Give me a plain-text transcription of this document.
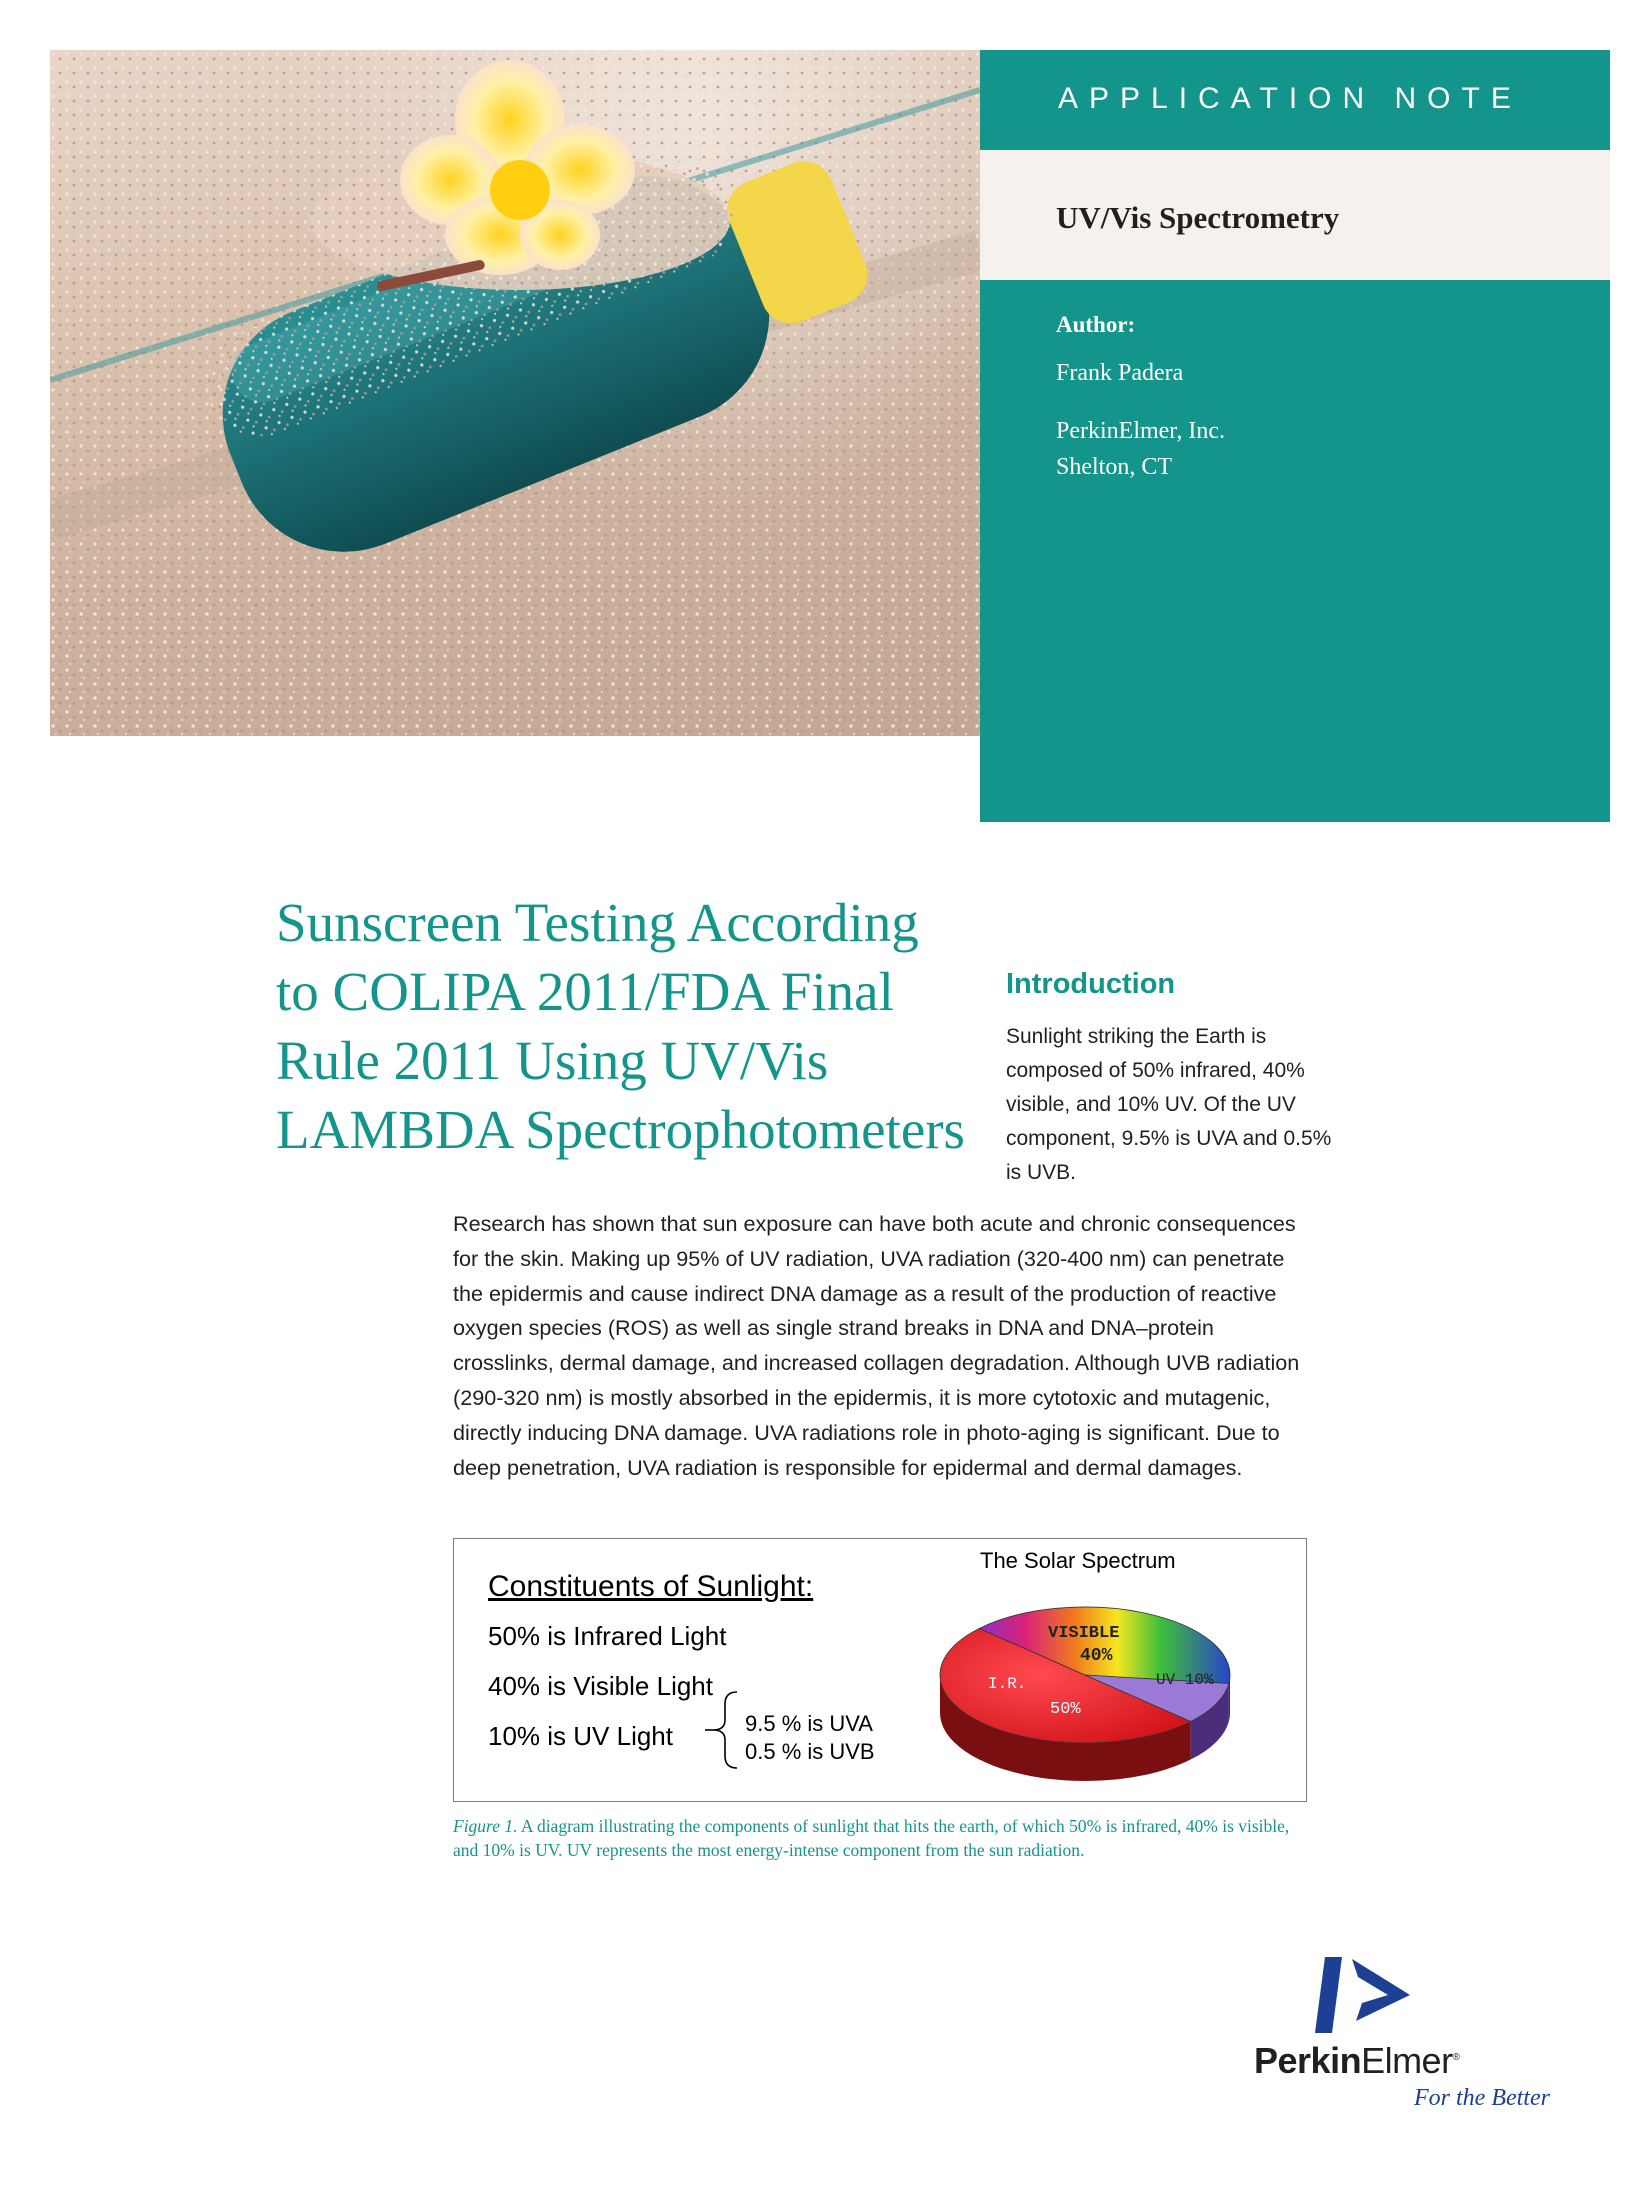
APPLICATION NOTE
UV/Vis Spectrometry
Author:
Frank Padera
PerkinElmer, Inc.
Shelton, CT
Sunscreen Testing According
to COLIPA 2011/FDA Final
Rule 2011 Using UV/Vis
LAMBDA Spectrophotometers
Introduction

Sunlight striking the Earth is composed of 50% infrared, 40% visible, and 10% UV. Of the UV component, 9.5% is UVA and 0.5% is UVB.

Research has shown that sun exposure can have both acute and chronic consequences for the skin. Making up 95% of UV radiation, UVA radiation (320-400 nm) can penetrate the epidermis and cause indirect DNA damage as a result of the production of reactive oxygen species (ROS) as well as single strand breaks in DNA and DNA–protein crosslinks, dermal damage, and increased collagen degradation. Although UVB radiation (290-320 nm) is mostly absorbed in the epidermis, it is more cytotoxic and mutagenic, directly inducing DNA damage. UVA radiations role in photo-aging is significant. Due to deep penetration, UVA radiation is responsible for epidermal and dermal damages.

Constituents of Sunlight:
50% is Infrared Light
40% is Visible Light
10% is UV Light	9.5 % is UVA
0.5 % is UVB
The Solar Spectrum
VISIBLE
40%
I.R.
50%
UV 10%

Figure 1. A diagram illustrating the components of sunlight that hits the earth, of which 50% is infrared, 40% is visible, and 10% is UV. UV represents the most energy-intense component from the sun radiation.

PerkinElmer®
For the Better
